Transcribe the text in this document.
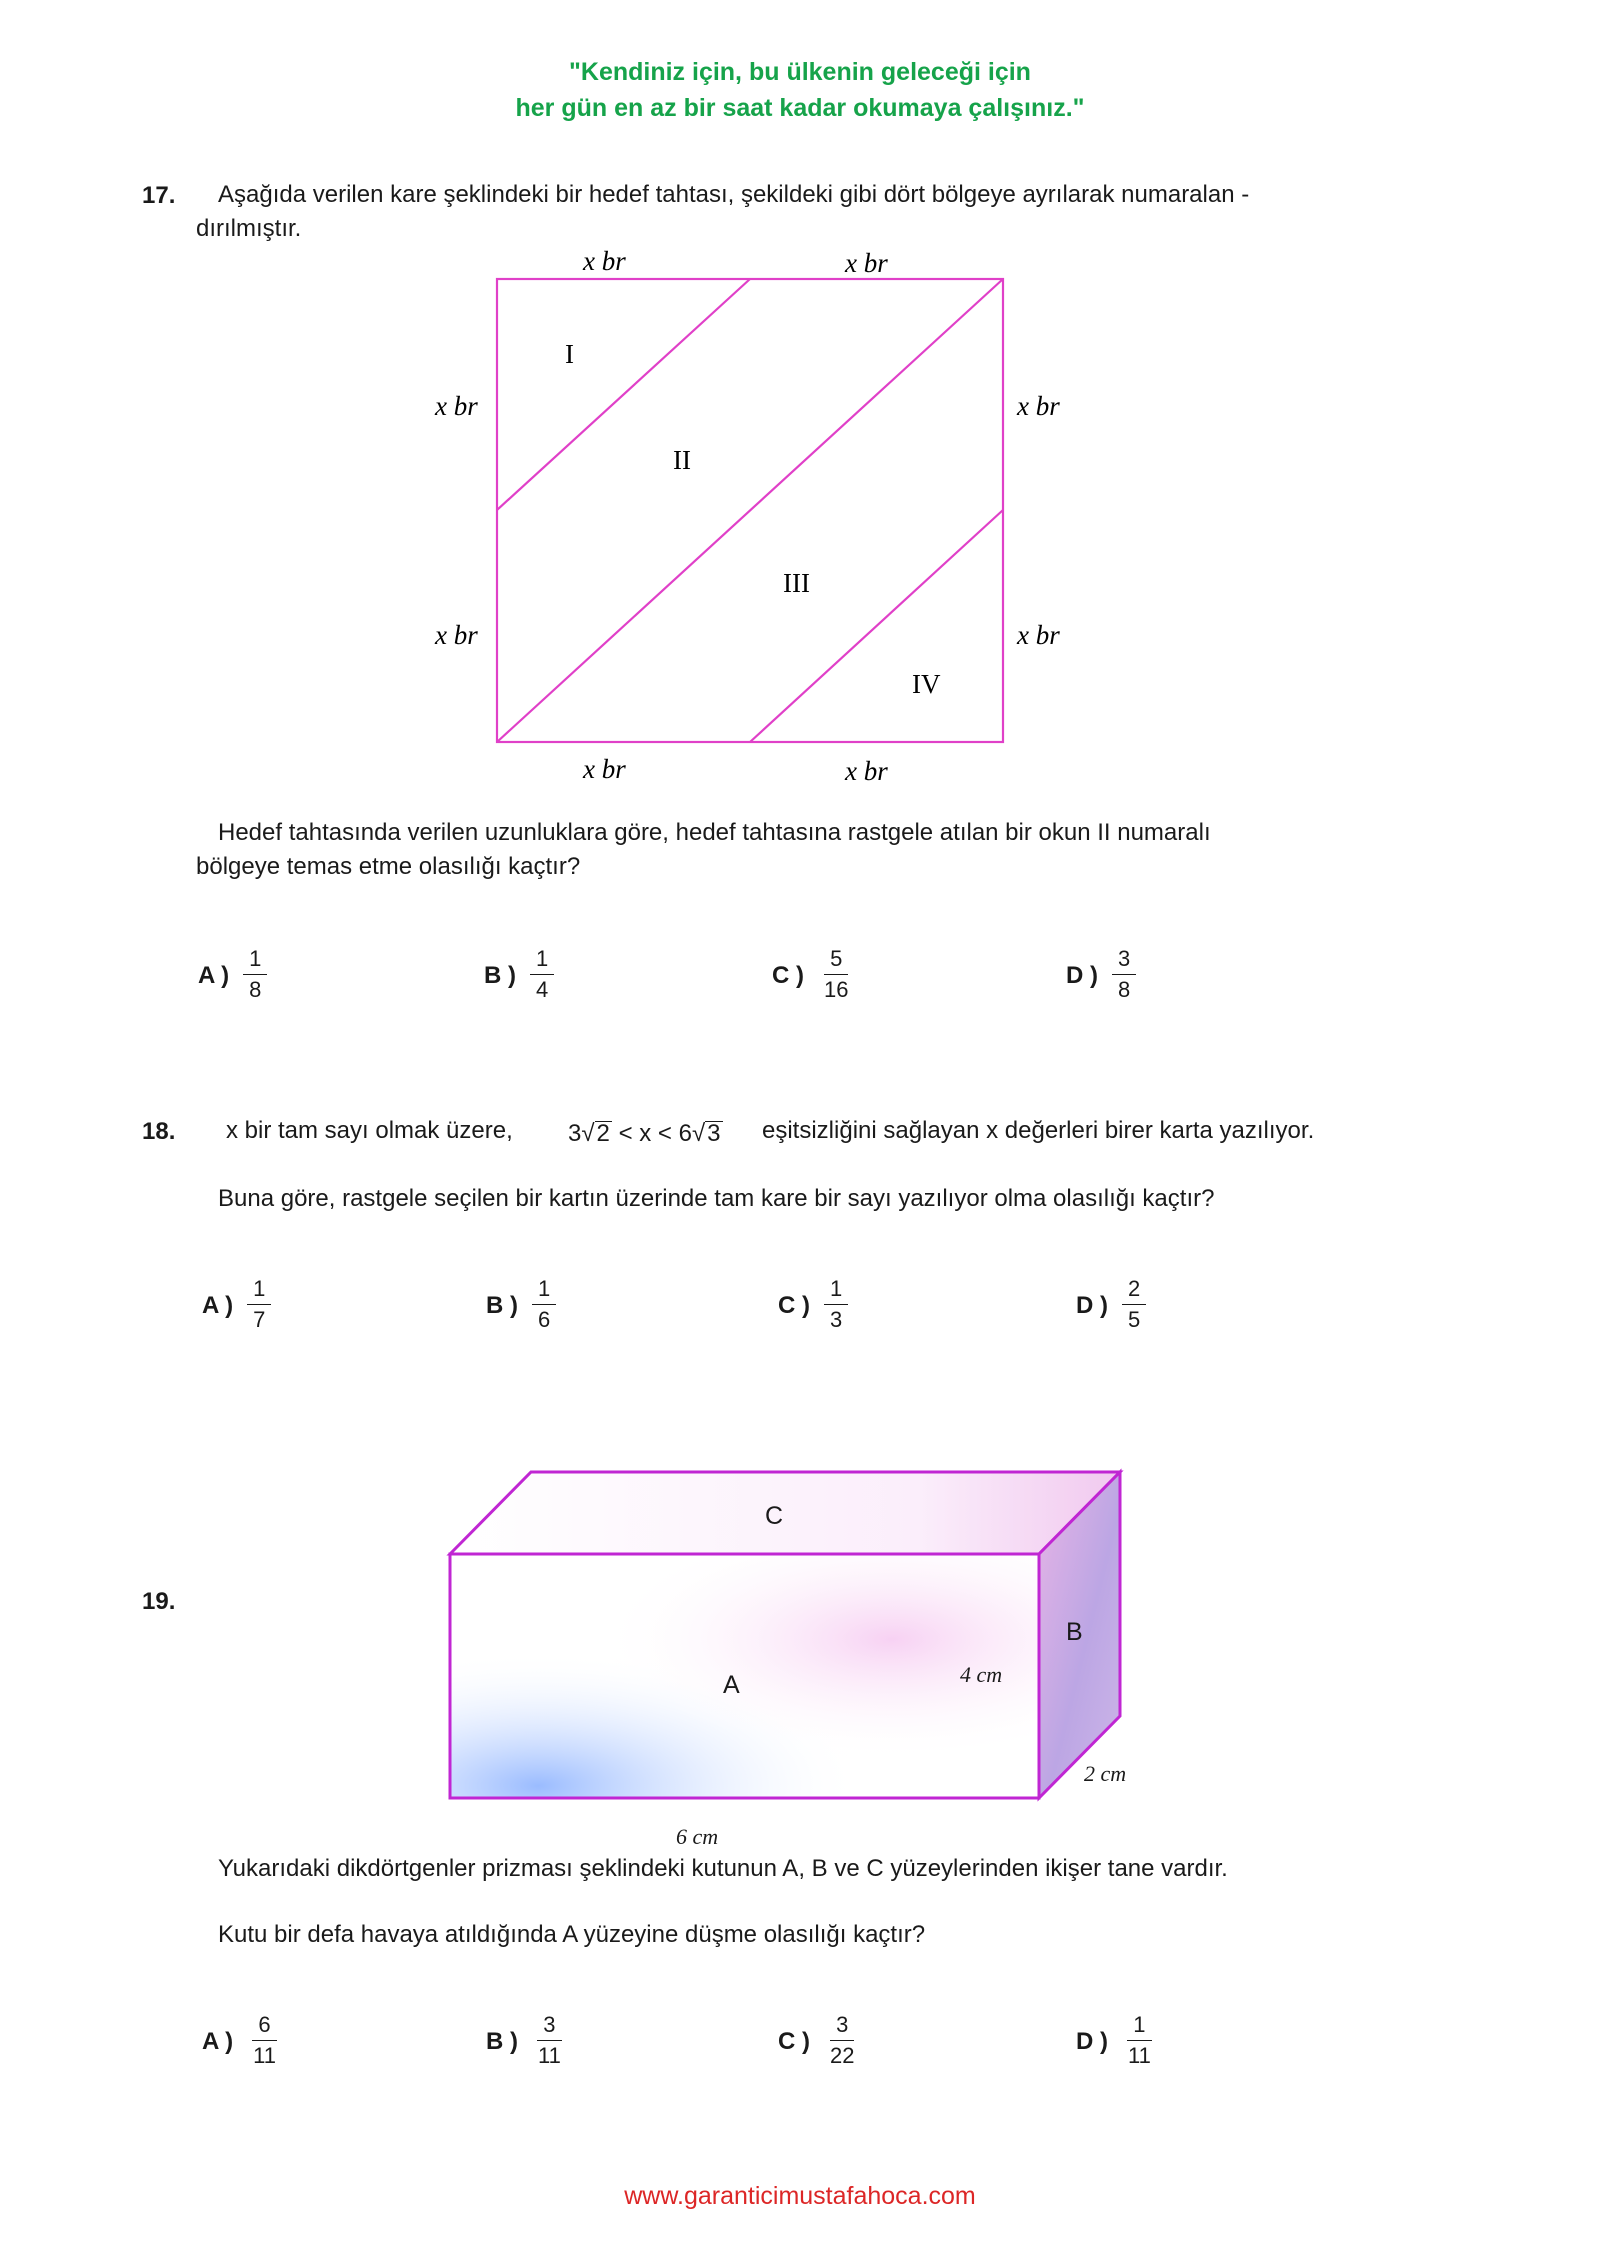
"Kendiniz için, bu ülkenin geleceği için
her gün en az bir saat kadar okumaya çalışınız."
17. Aşağıda verilen kare şeklindeki bir hedef tahtası, şekildeki gibi dört bölgeye ayrılarak numaralan -
dırılmıştır.
x br	x br
x br
x br
x br
x br
x br	x br
I
II
III
IV
Hedef tahtasında verilen uzunluklara göre, hedef tahtasına rastgele atılan bir okun II numaralı
bölgeye temas etme olasılığı kaçtır?
A ) $\frac{1}{8}$	B ) $\frac{1}{4}$	C ) $\frac{5}{16}$	D ) $\frac{3}{8}$
18. x bir tam sayı olmak üzere, 3√2 < x < 6√3 eşitsizliğini sağlayan x değerleri birer karta yazılıyor.
Buna göre, rastgele seçilen bir kartın üzerinde tam kare bir sayı yazılıyor olma olasılığı kaçtır?
A ) $\frac{1}{7}$	B ) $\frac{1}{6}$	C ) $\frac{1}{3}$	D ) $\frac{2}{5}$
19.
C
A
B
4 cm
2 cm
6 cm
Yukarıdaki dikdörtgenler prizması şeklindeki kutunun A, B ve C yüzeylerinden ikişer tane vardır.
Kutu bir defa havaya atıldığında A yüzeyine düşme olasılığı kaçtır?
A ) $\frac{6}{11}$	B ) $\frac{3}{11}$	C ) $\frac{3}{22}$	D ) $\frac{1}{11}$
www.garanticimustafahoca.com
